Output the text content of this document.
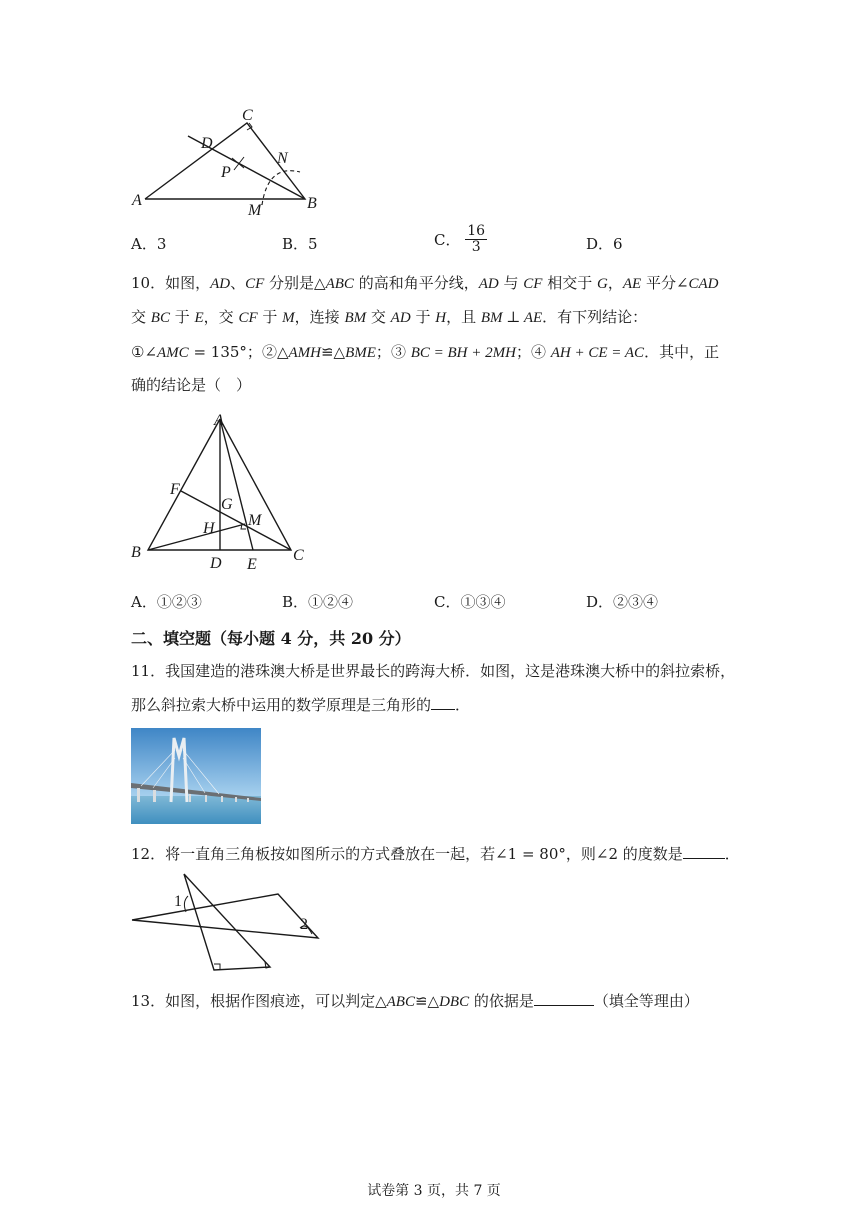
C
D
N
P
A
M	B
A．3	B．5	C． $\frac{16}{3}$	D．6
10．如图，AD、CF 分别是△ABC 的高和角平分线，AD 与 CF 相交于 G，AE 平分∠CAD
交 BC 于 E，交 CF 于 M，连接 BM 交 AD 于 H，且 BM ⊥ AE．有下列结论：
①∠AMC = 135°；②△AMH≌△BME；③ BC = BH + 2MH；④ AH + CE = AC．其中，正
确的结论是（　）
A
F
G
H M
B
D E
C
A．①②③	B．①②④	C．①③④	D．②③④
二、填空题（每小题 4 分，共 20 分）
11．我国建造的港珠澳大桥是世界最长的跨海大桥．如图，这是港珠澳大桥中的斜拉索桥，
那么斜拉索大桥中运用的数学原理是三角形的 ．
12．将一直角三角板按如图所示的方式叠放在一起，若∠1 = 80°，则∠2 的度数是	．
1
2
13．如图，根据作图痕迹，可以判定△ABC≌△DBC 的依据是	（填全等理由）
试卷第 3 页，共 7 页
